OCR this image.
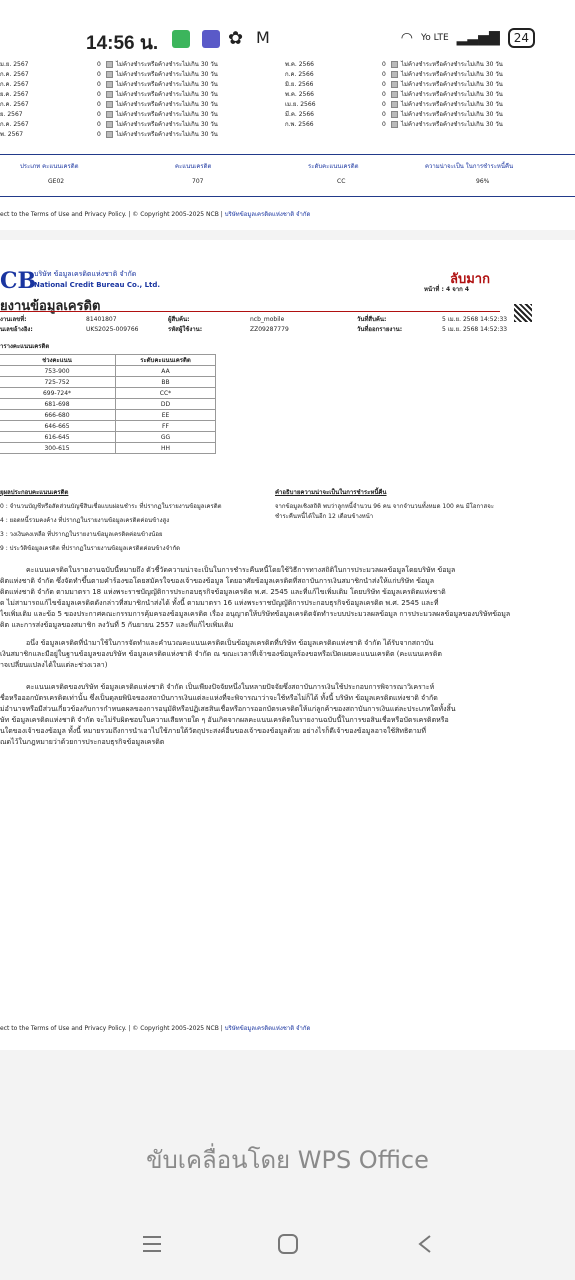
14:56 น.	✿ M	◠ Yo LTE ▂▃▅▇	24
ม.ย. 2567	0	ไม่ค้างชำระหรือค้างชำระไม่เกิน 30 วัน
ก.ค. 2567	0	ไม่ค้างชำระหรือค้างชำระไม่เกิน 30 วัน
ก.ค. 2567	0	ไม่ค้างชำระหรือค้างชำระไม่เกิน 30 วัน
ย.ค. 2567	0	ไม่ค้างชำระหรือค้างชำระไม่เกิน 30 วัน
ก.ค. 2567	0	ไม่ค้างชำระหรือค้างชำระไม่เกิน 30 วัน
ย. 2567	0	ไม่ค้างชำระหรือค้างชำระไม่เกิน 30 วัน
ก.ค. 2567	0	ไม่ค้างชำระหรือค้างชำระไม่เกิน 30 วัน
พ. 2567	0	ไม่ค้างชำระหรือค้างชำระไม่เกิน 30 วัน
พ.ค. 2566	0	ไม่ค้างชำระหรือค้างชำระไม่เกิน 30 วัน
ก.ค. 2566	0	ไม่ค้างชำระหรือค้างชำระไม่เกิน 30 วัน
มิ.ย. 2566	0	ไม่ค้างชำระหรือค้างชำระไม่เกิน 30 วัน
พ.ค. 2566	0	ไม่ค้างชำระหรือค้างชำระไม่เกิน 30 วัน
เม.ย. 2566	0	ไม่ค้างชำระหรือค้างชำระไม่เกิน 30 วัน
มี.ค. 2566	0	ไม่ค้างชำระหรือค้างชำระไม่เกิน 30 วัน
ก.พ. 2566	0	ไม่ค้างชำระหรือค้างชำระไม่เกิน 30 วัน
ประเภท คะแนนเครดิต	คะแนนเครดิต	ระดับคะแนนเครดิต	ความน่าจะเป็น ในการชำระหนี้คืน
GE02	707	CC	96%
ect to the Terms of Use and Privacy Policy. | © Copyright 2005-2025 NCB | บริษัทข้อมูลเครดิตแห่งชาติ จำกัด
CB
บริษัท ข้อมูลเครดิตแห่งชาติ จำกัด
National Credit Bureau Co., Ltd.	ลับมาก
หน้าที่ : 4 จาก 4
ยงานข้อมูลเครดิต
งานเลขที่:	81401807	ผู้สืบค้น:	ncb_mobile	วันที่สืบค้น:	5 เม.ย. 2568 14:52:33
นเลขอ้างอิง:	UKS2025-009766	รหัสผู้ใช้งาน:	ZZ09287779	วันที่ออกรายงาน:	5 เม.ย. 2568 14:52:33
ารางคะแนนเครดิต
ช่วงคะแนน	ระดับคะแนนเครดิต
753-900	AA
725-752	BB
699-724*	CC*
681-698	DD
666-680	EE
646-665	FF
616-645	GG
300-615	HH
ยุผลประกอบคะแนนเครดิต
0 : จำนวนบัญชีหรือสัดส่วนบัญชีสินเชื่อแบบผ่อนชำระ ที่ปรากฏในรายงานข้อมูลเครดิต
4 : ยอดหนี้รวมคงค้าง ที่ปรากฏในรายงานข้อมูลเครดิตค่อนข้างสูง
3 : วงเงินคงเหลือ ที่ปรากฏในรายงานข้อมูลเครดิตค่อนข้างน้อย
9 : ประวัติข้อมูลเครดิต ที่ปรากฏในรายงานข้อมูลเครดิตค่อนข้างจำกัด
คำอธิบายความน่าจะเป็นในการชำระหนี้คืน
จากข้อมูลเชิงสถิติ พบว่าลูกหนี้จำนวน 96 คน จากจำนวนทั้งหมด 100 คน มีโอกาสจะ
ชำระคืนหนี้ได้ในอีก 12 เดือนข้างหน้า
คะแนนเครดิตในรายงานฉบับนี้หมายถึง ตัวชี้วัดความน่าจะเป็นในการชำระคืนหนี้โดยใช้วิธีการทางสถิติในการประมวลผลข้อมูลโดยบริษัท ข้อมูล
ดิตแห่งชาติ จำกัด ซึ่งจัดทำขึ้นตามคำร้องขอโดยสมัครใจของเจ้าของข้อมูล โดยอาศัยข้อมูลเครดิตที่สถาบันการเงินสมาชิกนำส่งให้แก่บริษัท ข้อมูล
ดิตแห่งชาติ จำกัด ตามมาตรา 18 แห่งพระราชบัญญัติการประกอบธุรกิจข้อมูลเครดิต พ.ศ. 2545 และที่แก้ไขเพิ่มเติม โดยบริษัท ข้อมูลเครดิตแห่งชาติ
ด ไม่สามารถแก้ไขข้อมูลเครดิตดังกล่าวที่สมาชิกนำส่งได้ ทั้งนี้ ตามมาตรา 16 แห่งพระราชบัญญัติการประกอบธุรกิจข้อมูลเครดิต พ.ศ. 2545 และที่
ไขเพิ่มเติม และข้อ 5 ของประกาศคณะกรรมการคุ้มครองข้อมูลเครดิต เรื่อง อนุญาตให้บริษัทข้อมูลเครดิตจัดทำระบบประมวลผลข้อมูล การประมวลผลข้อมูลของบริษัทข้อมูล
ดิต และการส่งข้อมูลของสมาชิก ลงวันที่ 5 กันยายน 2557 และที่แก้ไขเพิ่มเติม
อนึ่ง ข้อมูลเครดิตที่นำมาใช้ในการจัดทำและคำนวณคะแนนเครดิตเป็นข้อมูลเครดิตที่บริษัท ข้อมูลเครดิตแห่งชาติ จำกัด ได้รับจากสถาบัน
เงินสมาชิกและมีอยู่ในฐานข้อมูลของบริษัท ข้อมูลเครดิตแห่งชาติ จำกัด ณ ขณะเวลาที่เจ้าของข้อมูลร้องขอหรือเปิดเผยคะแนนเครดิต (คะแนนเครดิต
าจเปลี่ยนแปลงได้ในแต่ละช่วงเวลา)
คะแนนเครดิตของบริษัท ข้อมูลเครดิตแห่งชาติ จำกัด เป็นเพียงปัจจัยหนึ่งในหลายปัจจัยซึ่งสถาบันการเงินใช้ประกอบการพิจารณาวิเคราะห์
ชื่อหรือออกบัตรเครดิตเท่านั้น ซึ่งเป็นดุลยพินิจของสถาบันการเงินแต่ละแห่งที่จะพิจารณาว่าจะใช้หรือไม่ก็ได้ ทั้งนี้ บริษัท ข้อมูลเครดิตแห่งชาติ จำกัด
ม่อำนาจหรือมีส่วนเกี่ยวข้องกับการกำหนดผลของการอนุมัติหรือปฏิเสธสินเชื่อหรือการออกบัตรเครดิตให้แก่ลูกค้าของสถาบันการเงินแต่ละประเภทใดทั้งสิ้น
ษัท ข้อมูลเครดิตแห่งชาติ จำกัด จะไม่รับผิดชอบในความเสียหายใด ๆ อันเกิดจากผลคะแนนเครดิตในรายงานฉบับนี้ในการขอสินเชื่อหรือบัตรเครดิตหรือ
ื่นใดของเจ้าของข้อมูล ทั้งนี้ หมายรวมถึงการนำเอาไปใช้ภายใต้วัตถุประสงค์อื่นของเจ้าของข้อมูลด้วย อย่างไรก็ดีเจ้าของข้อมูลอาจใช้สิทธิตามที่
ณดไว้ในกฎหมายว่าด้วยการประกอบธุรกิจข้อมูลเครดิต
ect to the Terms of Use and Privacy Policy. | © Copyright 2005-2025 NCB | บริษัทข้อมูลเครดิตแห่งชาติ จำกัด
ขับเคลื่อนโดย WPS Office
